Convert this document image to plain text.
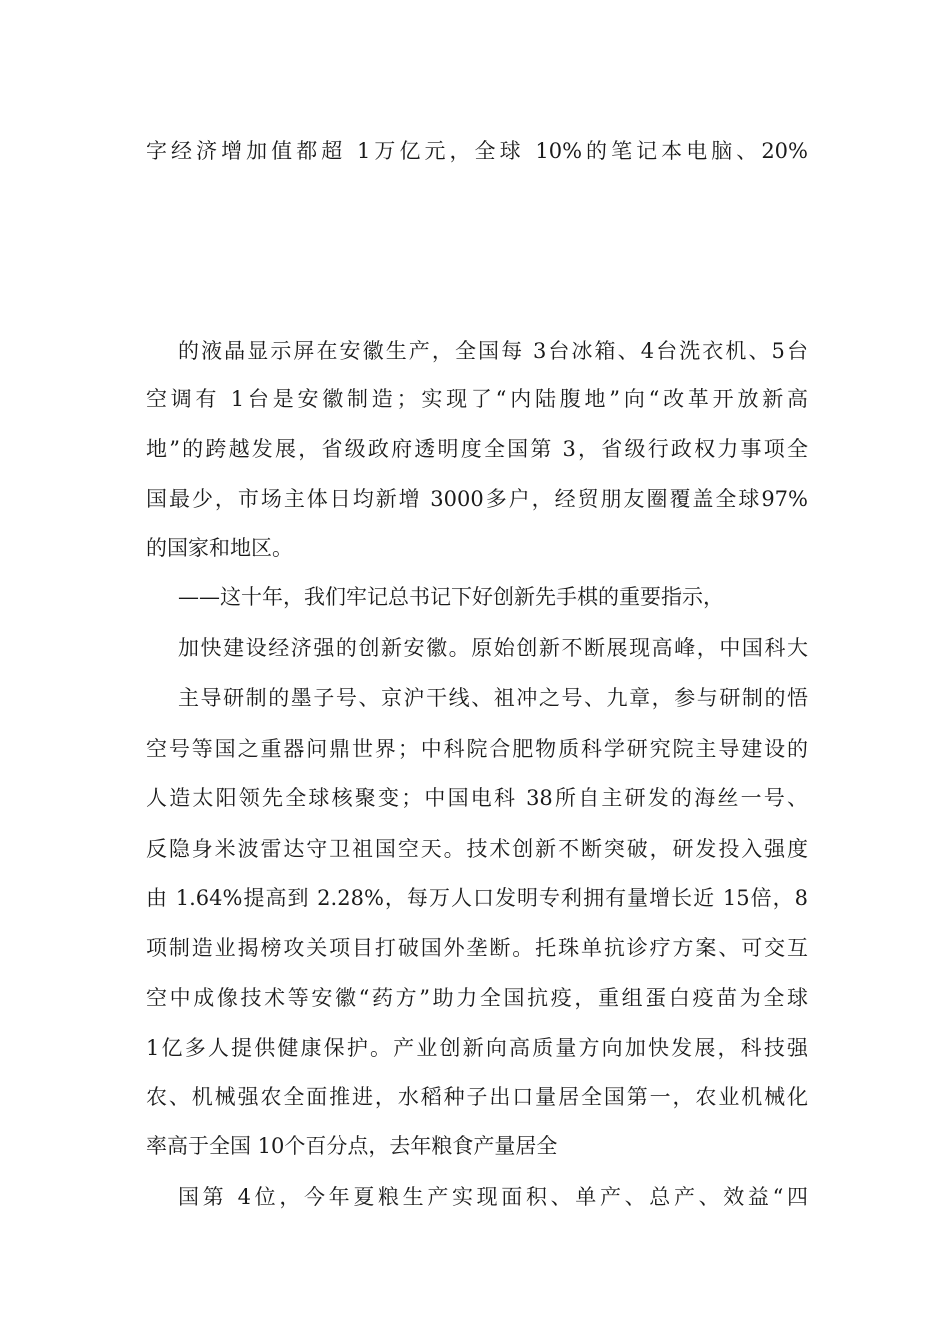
字经济增加值都超 1万亿元，全球 10%的笔记本电脑、20%
的液晶显示屏在安徽生产，全国每 3台冰箱、4台洗衣机、5台
空调有 1台是安徽制造；实现了“内陆腹地”向“改革开放新高
地”的跨越发展，省级政府透明度全国第 3，省级行政权力事项全
国最少，市场主体日均新增 3000多户，经贸朋友圈覆盖全球97%
的国家和地区。
——这十年，我们牢记总书记下好创新先手棋的重要指示，
加快建设经济强的创新安徽。原始创新不断展现高峰，中国科大
主导研制的墨子号、京沪干线、祖冲之号、九章，参与研制的悟
空号等国之重器问鼎世界；中科院合肥物质科学研究院主导建设的
人造太阳领先全球核聚变；中国电科 38所自主研发的海丝一号、
反隐身米波雷达守卫祖国空天。技术创新不断突破，研发投入强度
由 1.64%提高到 2.28%，每万人口发明专利拥有量增长近 15倍，8
项制造业揭榜攻关项目打破国外垄断。托珠单抗诊疗方案、可交互
空中成像技术等安徽“药方”助力全国抗疫，重组蛋白疫苗为全球
1亿多人提供健康保护。产业创新向高质量方向加快发展，科技强
农、机械强农全面推进，水稻种子出口量居全国第一，农业机械化
率高于全国 10个百分点，去年粮食产量居全
国第 4位，今年夏粮生产实现面积、单产、总产、效益“四
